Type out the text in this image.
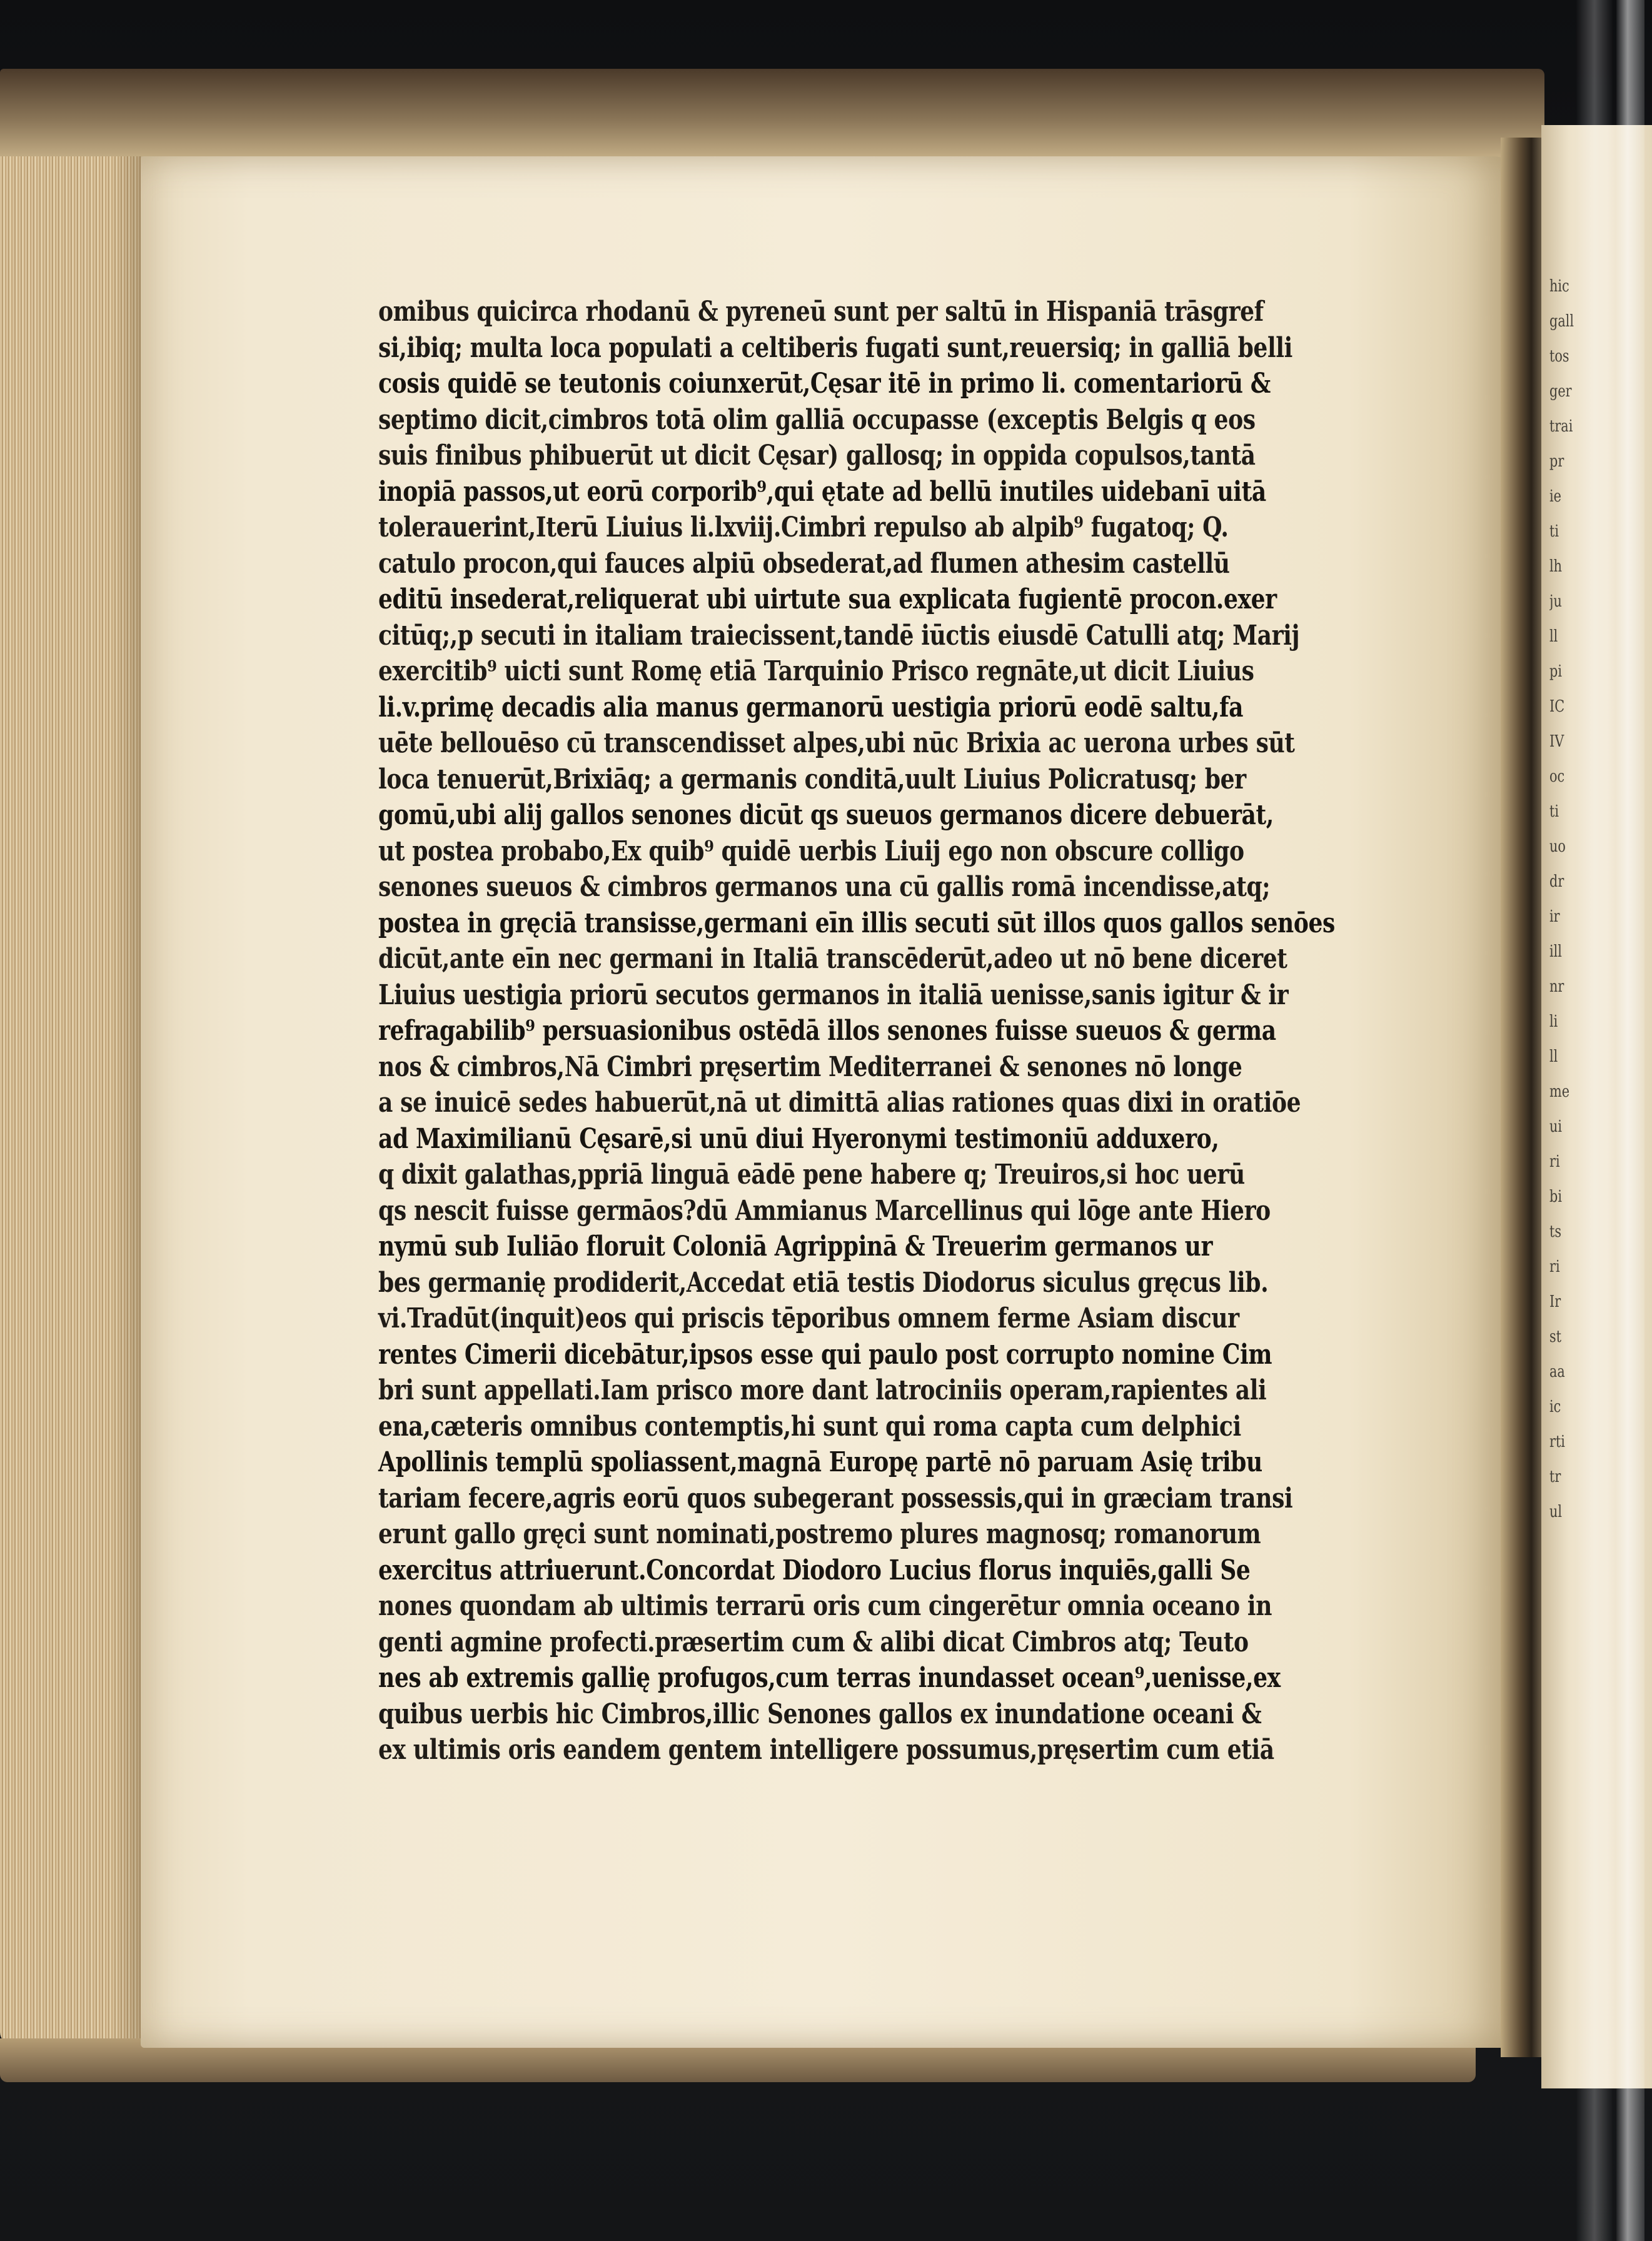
omibus quicirca rhodanū & pyreneū sunt per saltū in Hispaniā trāsgref
si,ibiq; multa loca populati a celtiberis fugati sunt,reuersiq; in galliā belli
cosis quidē se teutonis coiunxerūt,Cęsar itē in primo li. comentariorū &
septimo dicit,cimbros totā olim galliā occupasse (exceptis Belgis q eos
suis finibus phibuerūt ut dicit Cęsar) gallosq; in oppida copulsos,tantā
inopiā passos,ut eorū corporib⁹,qui ętate ad bellū inutiles uidebanī uitā
tolerauerint,Iterū Liuius li.lxviij.Cimbri repulso ab alpib⁹ fugatoq; Q.
catulo procon,qui fauces alpiū obsederat,ad flumen athesim castellū
editū insederat,reliquerat ubi uirtute sua explicata fugientē procon.exer
citūq;,p secuti in italiam traiecissent,tandē iūctis eiusdē Catulli atq; Marij
exercitib⁹ uicti sunt Romę etiā Tarquinio Prisco regnāte,ut dicit Liuius
li.v.primę decadis alia manus germanorū uestigia priorū eodē saltu,fa
uēte bellouēso cū transcendisset alpes,ubi nūc Brixia ac uerona urbes sūt
loca tenuerūt,Brixiāq; a germanis conditā,uult Liuius Policratusq; ber
gomū,ubi alij gallos senones dicūt qs sueuos germanos dicere debuerāt,
ut postea probabo,Ex quib⁹ quidē uerbis Liuij ego non obscure colligo
senones sueuos & cimbros germanos una cū gallis romā incendisse,atq;
postea in gręciā transisse,germani eīn illis secuti sūt illos quos gallos senōes
dicūt,ante eīn nec germani in Italiā transcēderūt,adeo ut nō bene diceret
Liuius uestigia priorū secutos germanos in italiā uenisse,sanis igitur & ir
refragabilib⁹ persuasionibus ostēdā illos senones fuisse sueuos & germa
nos & cimbros,Nā Cimbri pręsertim Mediterranei & senones nō longe
a se inuicē sedes habuerūt,nā ut dimittā alias rationes quas dixi in oratiōe
ad Maximilianū Cęsarē,si unū diui Hyeronymi testimoniū adduxero,
q dixit galathas,ppriā linguā eādē pene habere q; Treuiros,si hoc uerū
qs nescit fuisse germāos?dū Ammianus Marcellinus qui lōge ante Hiero
nymū sub Iuliāo floruit Coloniā Agrippinā & Treuerim germanos ur
bes germanię prodiderit,Accedat etiā testis Diodorus siculus gręcus lib.
vi.Tradūt(inquit)eos qui priscis tēporibus omnem ferme Asiam discur
rentes Cimerii dicebātur,ipsos esse qui paulo post corrupto nomine Cim
bri sunt appellati.Iam prisco more dant latrociniis operam,rapientes ali
ena,cæteris omnibus contemptis,hi sunt qui roma capta cum delphici
Apollinis templū spoliassent,magnā Europę partē nō paruam Asię tribu
tariam fecere,agris eorū quos subegerant possessis,qui in græciam transi
erunt gallo gręci sunt nominati,postremo plures magnosq; romanorum
exercitus attriuerunt.Concordat Diodoro Lucius florus inquiēs,galli Se
nones quondam ab ultimis terrarū oris cum cingerētur omnia oceano in
genti agmine profecti.præsertim cum & alibi dicat Cimbros atq; Teuto
nes ab extremis gallię profugos,cum terras inundasset ocean⁹,uenisse,ex
quibus uerbis hic Cimbros,illic Senones gallos ex inundatione oceani &
ex ultimis oris eandem gentem intelligere possumus,pręsertim cum etiā
hic
gall
tos
ger
trai
pr
ie
ti
lh
ju
ll
pi
IC
IV
oc
ti
uo
dr
ir
ill
nr
li
ll
me
ui
ri
bi
ts
ri
Ir
st
aa
ic
rti
tr
ul
